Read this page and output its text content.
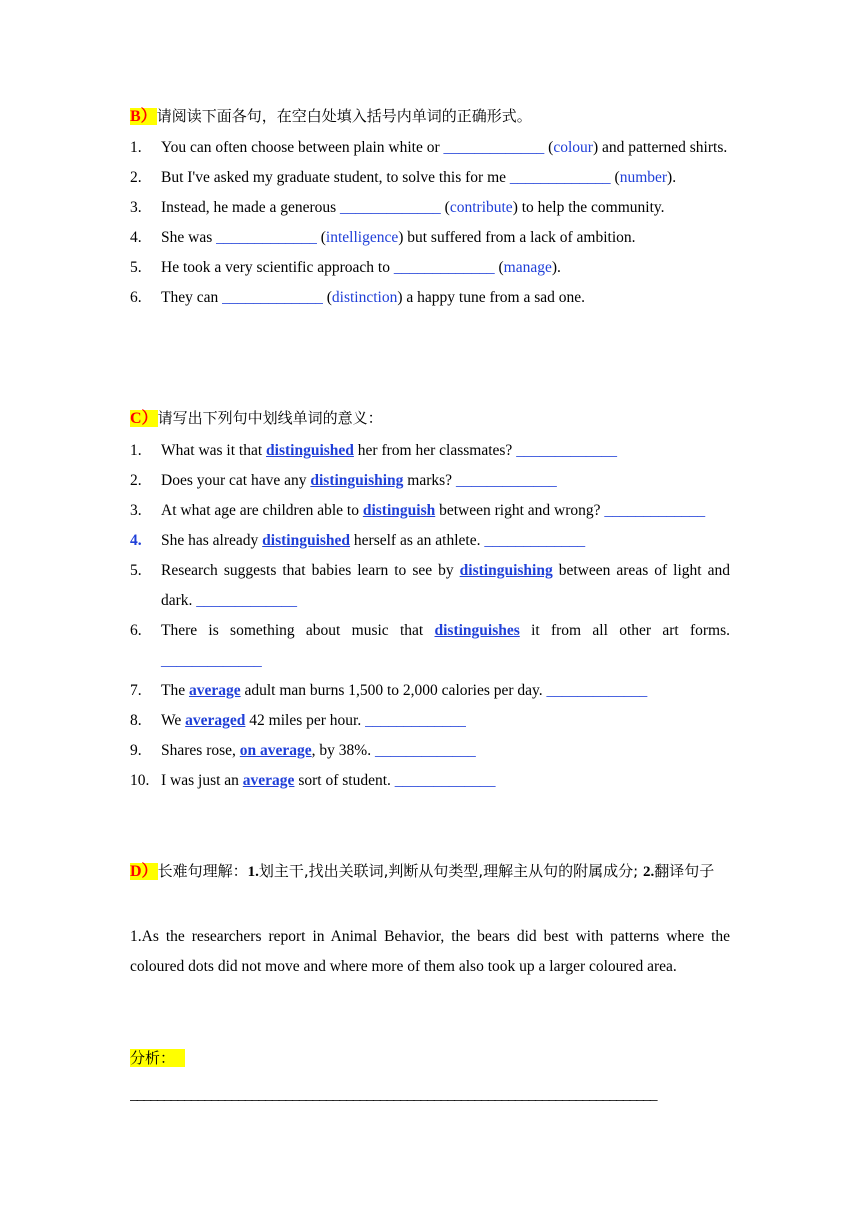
B）请阅读下面各句，在空白处填入括号内单词的正确形式。
1. You can often choose between plain white or _____________ (colour) and patterned shirts.
2. But I've asked my graduate student, to solve this for me _____________ (number).
3. Instead, he made a generous _____________ (contribute) to help the community.
4. She was _____________ (intelligence) but suffered from a lack of ambition.
5. He took a very scientific approach to _____________ (manage).
6. They can _____________ (distinction) a happy tune from a sad one.
C）请写出下列句中划线单词的意义：
1. What was it that distinguished her from her classmates? _____________
2. Does your cat have any distinguishing marks? _____________
3. At what age are children able to distinguish between right and wrong? _____________
4. She has already distinguished herself as an athlete. _____________
5. Research suggests that babies learn to see by distinguishing between areas of light and dark. _____________
6. There is something about music that distinguishes it from all other art forms. _____________
7. The average adult man burns 1,500 to 2,000 calories per day. _____________
8. We averaged 42 miles per hour. _____________
9. Shares rose, on average, by 38%. _____________
10. I was just an average sort of student. _____________
D）长难句理解：1.划主干,找出关联词,判断从句类型,理解主从句的附属成分; 2.翻译句子
1.As the researchers report in Animal Behavior, the bears did best with patterns where the coloured dots did not move and where more of them also took up a larger coloured area.
分析：
______________________________________________________________________________
